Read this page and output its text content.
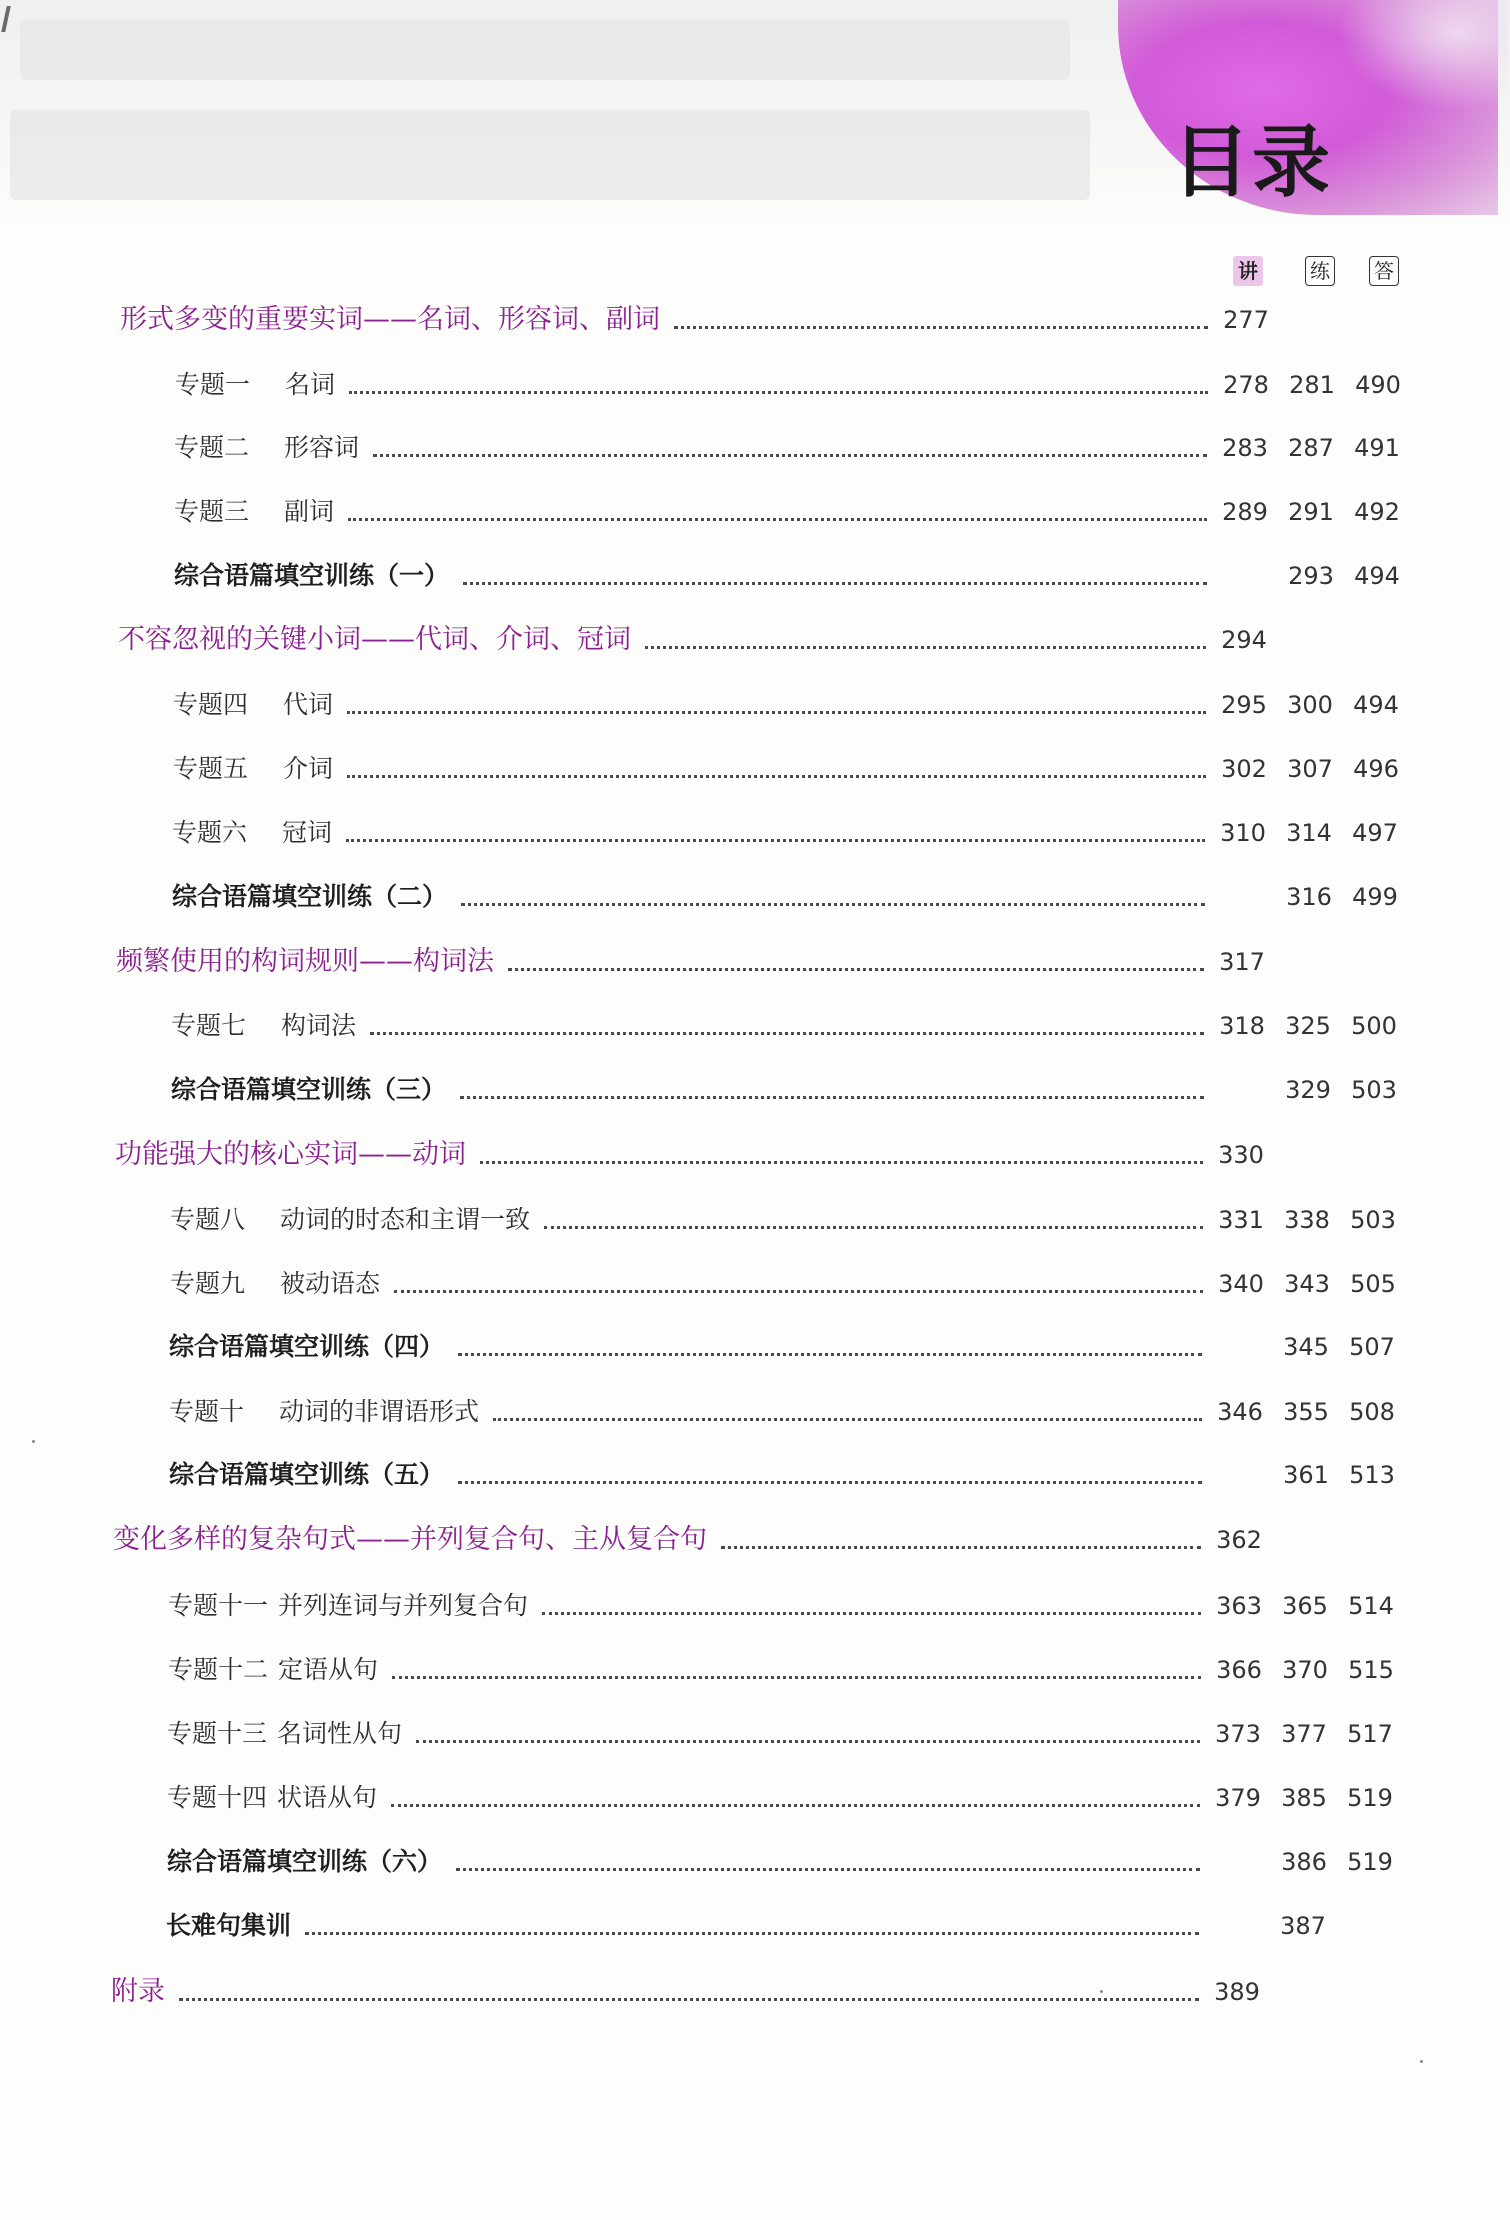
目录
讲	练 答
形式多变的重要实词——名词、形容词、副词	277
专题一 名词	278 281 490
专题二 形容词	283 287 491
专题三 副词	289 291 492
综合语篇填空训练（一）	293 494
不容忽视的关键小词——代词、介词、冠词	294
专题四 代词	295 300 494
专题五 介词	302 307 496
专题六 冠词	310 314 497
综合语篇填空训练（二）	316 499
频繁使用的构词规则——构词法	317
专题七 构词法	318 325 500
综合语篇填空训练（三）	329 503
功能强大的核心实词——动词	330
专题八 动词的时态和主谓一致	331 338 503
专题九 被动语态	340 343 505
综合语篇填空训练（四）	345 507
专题十 动词的非谓语形式	346 355 508
综合语篇填空训练（五）	361 513
变化多样的复杂句式——并列复合句、主从复合句	362
专题十一 并列连词与并列复合句	363 365 514
专题十二 定语从句	366 370 515
专题十三 名词性从句	373 377 517
专题十四 状语从句	379 385 519
综合语篇填空训练（六）	386 519
长难句集训	387
附录	389
